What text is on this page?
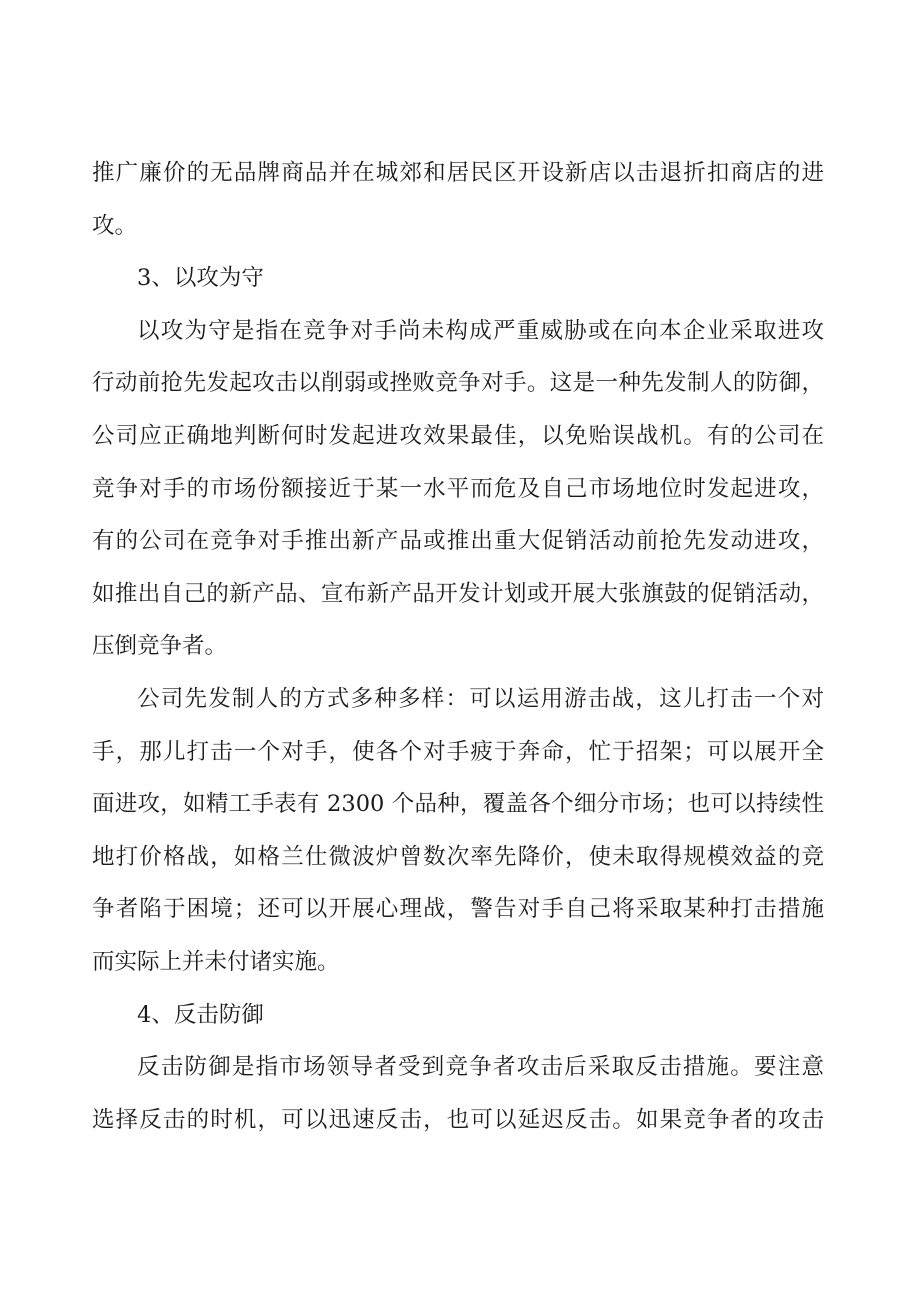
推广廉价的无品牌商品并在城郊和居民区开设新店以击退折扣商店的进
攻。
3、以攻为守
以攻为守是指在竞争对手尚未构成严重威胁或在向本企业采取进攻
行动前抢先发起攻击以削弱或挫败竞争对手。这是一种先发制人的防御，
公司应正确地判断何时发起进攻效果最佳，以免贻误战机。有的公司在
竞争对手的市场份额接近于某一水平而危及自己市场地位时发起进攻，
有的公司在竞争对手推出新产品或推出重大促销活动前抢先发动进攻，
如推出自己的新产品、宣布新产品开发计划或开展大张旗鼓的促销活动，
压倒竞争者。
公司先发制人的方式多种多样：可以运用游击战，这儿打击一个对
手，那儿打击一个对手，使各个对手疲于奔命，忙于招架；可以展开全
面进攻，如精工手表有 2300 个品种，覆盖各个细分市场；也可以持续性
地打价格战，如格兰仕微波炉曾数次率先降价，使未取得规模效益的竞
争者陷于困境；还可以开展心理战，警告对手自己将采取某种打击措施
而实际上并未付诸实施。
4、反击防御
反击防御是指市场领导者受到竞争者攻击后采取反击措施。要注意
选择反击的时机，可以迅速反击，也可以延迟反击。如果竞争者的攻击
